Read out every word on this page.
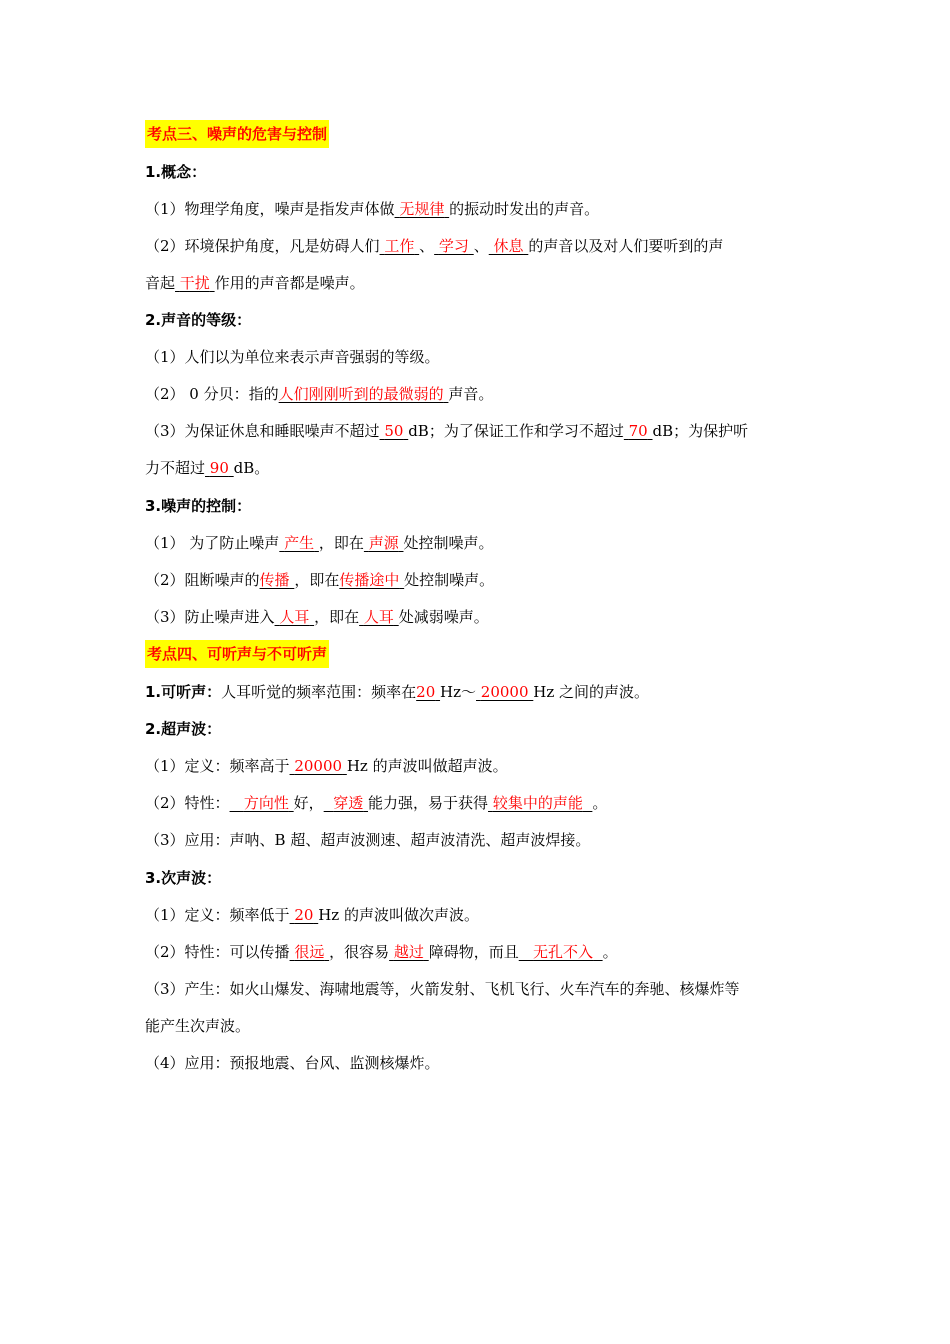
考点三、噪声的危害与控制
1.概念：
（1）物理学角度，噪声是指发声体做 无规律 的振动时发出的声音。
（2）环境保护角度，凡是妨碍人们 工作 、 学习 、 休息 的声音以及对人们要听到的声
音起 干扰 作用的声音都是噪声。
2.声音的等级：
（1）人们以为单位来表示声音强弱的等级。
（2） 0 分贝：指的人们刚刚听到的最微弱的 声音。
（3）为保证休息和睡眠噪声不超过 50 dB；为了保证工作和学习不超过 70 dB；为保护听
力不超过 90 dB。
3.噪声的控制：
（1） 为了防止噪声 产生 ，即在 声源 处控制噪声。
（2）阻断噪声的传播 ，即在传播途中 处控制噪声。
（3）防止噪声进入 人耳 ，即在 人耳 处减弱噪声。
考点四、可听声与不可听声
1.可听声：人耳听觉的频率范围：频率在20 Hz～ 20000 Hz 之间的声波。
2.超声波：
（1）定义：频率高于 20000 Hz 的声波叫做超声波。
（2）特性： 方向性 好， 穿透 能力强，易于获得 较集中的声能 。
（3）应用：声呐、B 超、超声波测速、超声波清洗、超声波焊接。
3.次声波：
（1）定义：频率低于 20 Hz 的声波叫做次声波。
（2）特性：可以传播 很远 ，很容易 越过 障碍物，而且 无孔不入 。
（3）产生：如火山爆发、海啸地震等，火箭发射、飞机飞行、火车汽车的奔驰、核爆炸等
能产生次声波。
（4）应用：预报地震、台风、监测核爆炸。
